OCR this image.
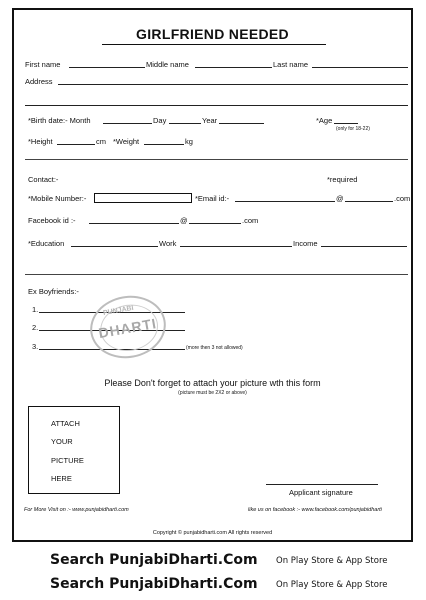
GIRLFRIEND NEEDED
First name	Middle name	Last name
Address
*Birth date:- Month	Day	Year	*Age
(only for 18-22)
*Height	cm *Weight	kg
Contact:-	*required
*Mobile Number:-	*Email id:-	@	.com
Facebook id :-	@	.com
*Education	Work	Income
Ex Boyfriends:-
1.
2.
3.	(more then 3 not allowed)
PUNJABI
DHARTI
Please Don't forget to attach your picture wth this form
(picture must be 2X2 or above)
ATTACH
YOUR
PICTURE
HERE
Applicant signature
For More Visit on :- www.punjabidharti.com	like us on facebook :- www.facebook.com/punjabidharti
Copyright © punjabidharti.com All rights reserved
Search PunjabiDharti.Com On Play Store & App Store
Search PunjabiDharti.Com On Play Store & App Store
